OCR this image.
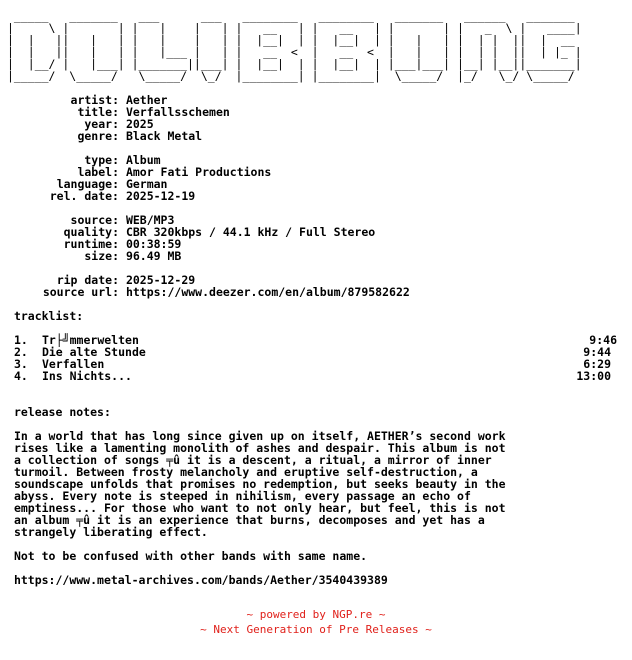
_____   _______   ___      ___   ________   ________   _______   ______   _______
|     \ |       | |   |    |   | |   __   | |   __   | |       | |   _  \ |   ____|
|  |   ||   |   | |   |    |   | |  |__|  | |  |__|  | |   |   | |  | |  ||  |  __
|  |   ||   |   | |   |___ |   | |   __  <  |   __  <  |   |   | |  | |  ||  | |_ |
|  |__/ |   |___| |_______||___| |  |__|  | |  |__|  | |___|___| |__| |__||_______|
|_____/  \_____/   \_____/  \_/  |________| |________|  \_____/  |_/   \_/ \_____/

artist: Aether
title: Verfallsschemen
year: 2025
genre: Black Metal

type: Album
label: Amor Fati Productions
language: German
rel. date: 2025-12-19

source: WEB/MP3
quality: CBR 320kbps / 44.1 kHz / Full Stereo
runtime: 00:38:59
size: 96.49 MB

rip date: 2025-12-29
source url: https://www.deezer.com/en/album/879582622

tracklist:

1. Tr├╝mmerwelten	9:46

2. Die alte Stunde	9:44

3. Verfallen	6:29

4. Ins Nichts...	13:00

release notes:

In a world that has long since given up on itself, AETHER’s second work
rises like a lamenting monolith of ashes and despair. This album is not
a collection of songs ╤û it is a descent, a ritual, a mirror of inner
turmoil. Between frosty melancholy and eruptive self-destruction, a
soundscape unfolds that promises no redemption, but seeks beauty in the
abyss. Every note is steeped in nihilism, every passage an echo of
emptiness... For those who want to not only hear, but feel, this is not
an album ╤û it is an experience that burns, decomposes and yet has a
strangely liberating effect.

Not to be confused with other bands with same name.

https://www.metal-archives.com/bands/Aether/3540439389
~ powered by NGP.re ~
~ Next Generation of Pre Releases ~
